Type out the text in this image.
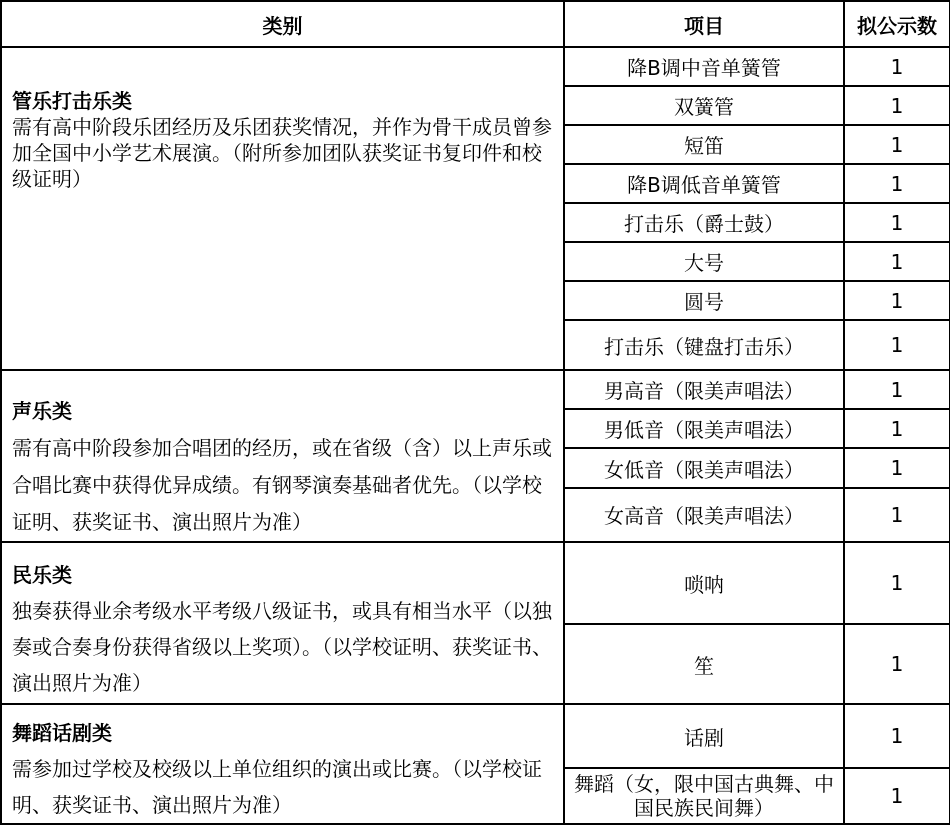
类别	项目	拟公示数

管乐打击乐类
需有高中阶段乐团经历及乐团获奖情况，并作为骨干成员曾参加全国中小学艺术展演。（附所参加团队获奖证书复印件和校级证明）	降B调中音单簧管	1
	双簧管	1
	短笛	1
	降B调低音单簧管	1
	打击乐（爵士鼓）	1
	大号	1
	圆号	1
	打击乐（键盘打击乐）	1

声乐类
需有高中阶段参加合唱团的经历，或在省级（含）以上声乐或合唱比赛中获得优异成绩。有钢琴演奏基础者优先。（以学校证明、获奖证书、演出照片为准）	男高音（限美声唱法）	1
	男低音（限美声唱法）	1
	女低音（限美声唱法）	1
	女高音（限美声唱法）	1

民乐类
独奏获得业余考级水平考级八级证书，或具有相当水平（以独奏或合奏身份获得省级以上奖项）。（以学校证明、获奖证书、演出照片为准）	唢呐	1
	笙	1

舞蹈话剧类
需参加过学校及校级以上单位组织的演出或比赛。（以学校证明、获奖证书、演出照片为准）	话剧	1
	舞蹈（女，限中国古典舞、中国民族民间舞）	1
